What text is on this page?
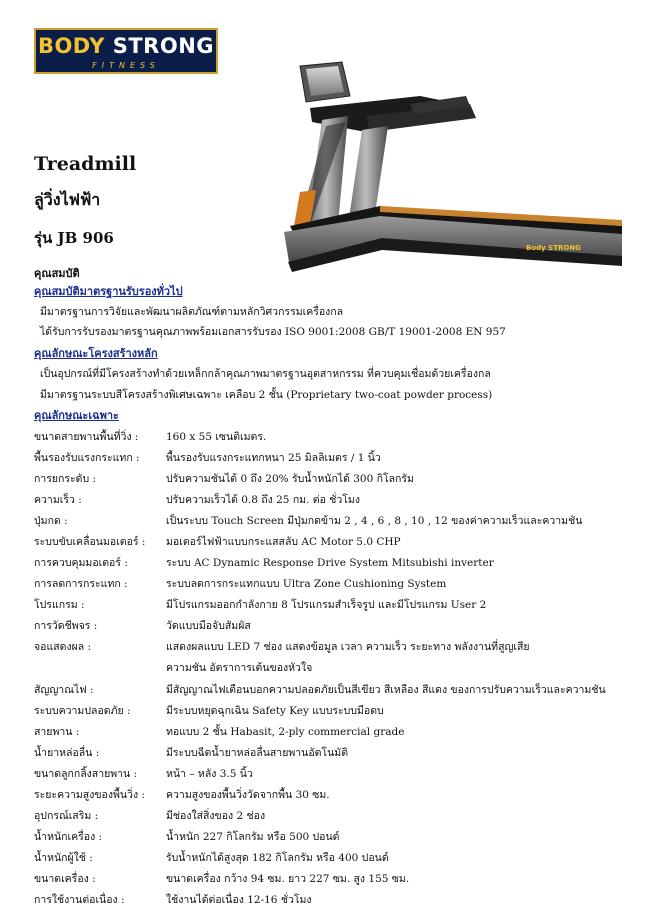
BODY STRONG
FITNESS
Body STRONG
Treadmill
ลู่วิ่งไฟฟ้า
รุ่น JB 906
คุณสมบัติ
คุณสมบัติมาตรฐานรับรองทั่วไป
มีมาตรฐานการวิจัยและพัฒนาผลิตภัณฑ์ตามหลักวิศวกรรมเครื่องกล
ได้รับการรับรองมาตรฐานคุณภาพพร้อมเอกสารรับรอง ISO 9001:2008 GB/T 19001-2008 EN 957
คุณลักษณะโครงสร้างหลัก
เป็นอุปกรณ์ที่มีโครงสร้างทำด้วยเหล็กกล้าคุณภาพมาตรฐานอุตสาหกรรม ที่ควบคุมเชื่อมด้วยเครื่องกล
มีมาตรฐานระบบสีโครงสร้างพิเศษเฉพาะ เคลือบ 2 ชั้น (Proprietary two-coat powder process)
คุณลักษณะเฉพาะ
ขนาดสายพานพื้นที่วิ่ง :	160 x 55 เซนติเมตร.
พื้นรองรับแรงกระแทก :	พื้นรองรับแรงกระแทกหนา 25 มิลลิเมตร / 1 นิ้ว
การยกระดับ :	ปรับความชันได้ 0 ถึง 20% รับน้ำหนักได้ 300 กิโลกรัม
ความเร็ว :	ปรับความเร็วได้ 0.8 ถึง 25 กม. ต่อ ชั่วโมง
ปุ่มกด :	เป็นระบบ Touch Screen มีปุ่มกดข้าม 2 , 4 , 6 , 8 , 10 , 12 ของค่าความเร็วและความชัน
ระบบขับเคลื่อนมอเตอร์ : มอเตอร์ไฟฟ้าแบบกระแสสลับ AC Motor 5.0 CHP
การควบคุมมอเตอร์ :	ระบบ AC Dynamic Response Drive System Mitsubishi inverter
การลดการกระแทก :	ระบบลดการกระแทกแบบ Ultra Zone Cushioning System
โปรแกรม :	มีโปรแกรมออกกำลังกาย 8 โปรแกรมสำเร็จรูป และมีโปรแกรม User 2
การวัดชีพจร :	วัดแบบมือจับสัมผัส
จอแสดงผล :	แสดงผลแบบ LED 7 ช่อง แสดงข้อมูล เวลา ความเร็ว ระยะทาง พลังงานที่สูญเสีย
ความชัน อัตราการเต้นของหัวใจ
สัญญาณไฟ :	มีสัญญาณไฟเตือนบอกความปลอดภัยเป็นสีเขียว สีเหลือง สีแดง ของการปรับความเร็วและความชัน
ระบบความปลอดภัย :	มีระบบหยุดฉุกเฉิน Safety Key แบบระบบมือดบ
สายพาน :	ทอแบบ 2 ชั้น Habasit, 2-ply commercial grade
น้ำยาหล่อลื่น :	มีระบบฉีดน้ำยาหล่อลื่นสายพานอัตโนมัติ
ขนาดลูกกลิ้งสายพาน :	หน้า – หลัง 3.5 นิ้ว
ระยะความสูงของพื้นวิ่ง : ความสูงของพื้นวิ่งวัดจากพื้น 30 ซม.
อุปกรณ์เสริม :	มีช่องใส่สิ่งของ 2 ช่อง
น้ำหนักเครื่อง :	น้ำหนัก 227 กิโลกรัม หรือ 500 ปอนด์
น้ำหนักผู้ใช้ :	รับน้ำหนักได้สูงสุด 182 กิโลกรัม หรือ 400 ปอนด์
ขนาดเครื่อง :	ขนาดเครื่อง กว้าง 94 ซม. ยาว 227 ซม. สูง 155 ซม.
การใช้งานต่อเนื่อง :	ใช้งานได้ต่อเนื่อง 12-16 ชั่วโมง
